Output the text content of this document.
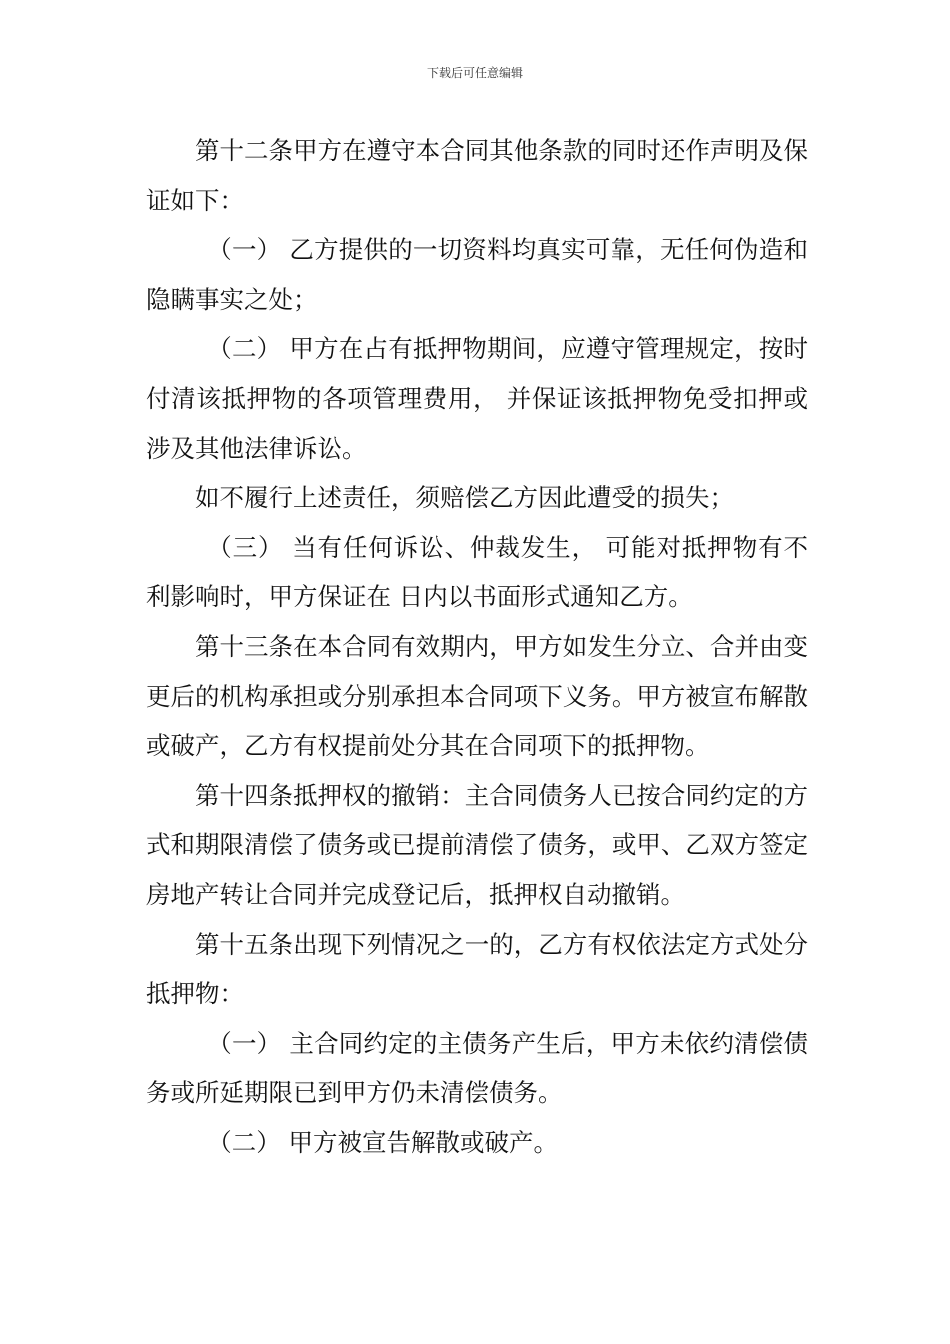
下载后可任意编辑

第十二条甲方在遵守本合同其他条款的同时还作声明及保证如下：

（一） 乙方提供的一切资料均真实可靠，无任何伪造和隐瞒事实之处；

（二） 甲方在占有抵押物期间，应遵守管理规定，按时付清该抵押物的各项管理费用， 并保证该抵押物免受扣押或涉及其他法律诉讼。

如不履行上述责任，须赔偿乙方因此遭受的损失；

（三） 当有任何诉讼、仲裁发生， 可能对抵押物有不利影响时，甲方保证在 日内以书面形式通知乙方。

第十三条在本合同有效期内，甲方如发生分立、合并由变更后的机构承担或分别承担本合同项下义务。甲方被宣布解散或破产，乙方有权提前处分其在合同项下的抵押物。

第十四条抵押权的撤销：主合同债务人已按合同约定的方式和期限清偿了债务或已提前清偿了债务，或甲、乙双方签定房地产转让合同并完成登记后，抵押权自动撤销。

第十五条出现下列情况之一的，乙方有权依法定方式处分抵押物：

（一） 主合同约定的主债务产生后，甲方未依约清偿债务或所延期限已到甲方仍未清偿债务。

（二） 甲方被宣告解散或破产。
